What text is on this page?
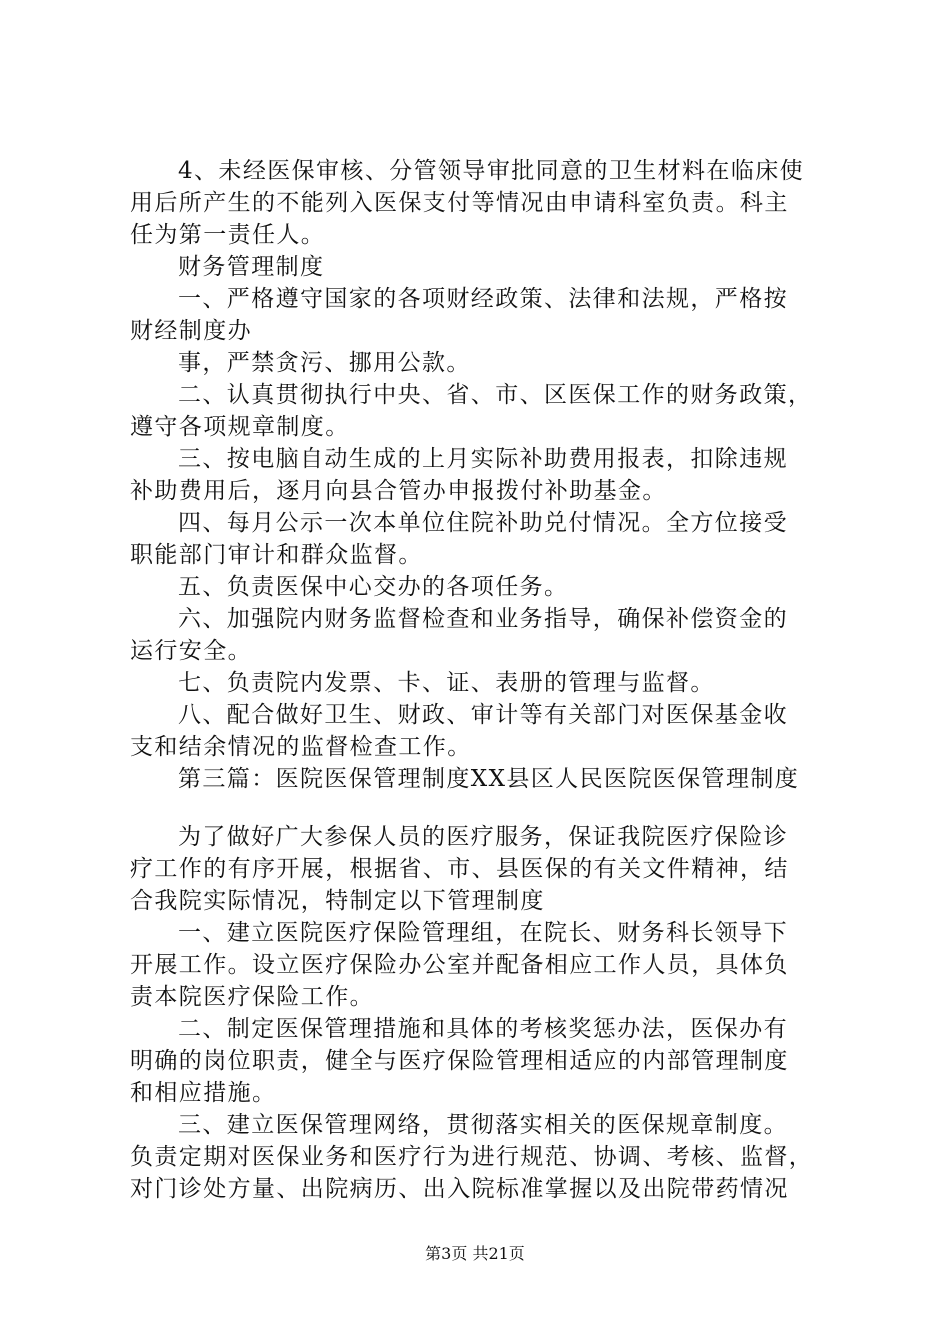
4、未经医保审核、分管领导审批同意的卫生材料在临床使
用后所产生的不能列入医保支付等情况由申请科室负责。科主
任为第一责任人。
财务管理制度
一、严格遵守国家的各项财经政策、法律和法规，严格按
财经制度办
事，严禁贪污、挪用公款。
二、认真贯彻执行中央、省、市、区医保工作的财务政策，
遵守各项规章制度。
三、按电脑自动生成的上月实际补助费用报表，扣除违规
补助费用后，逐月向县合管办申报拨付补助基金。
四、每月公示一次本单位住院补助兑付情况。全方位接受
职能部门审计和群众监督。
五、负责医保中心交办的各项任务。
六、加强院内财务监督检查和业务指导，确保补偿资金的
运行安全。
七、负责院内发票、卡、证、表册的管理与监督。
八、配合做好卫生、财政、审计等有关部门对医保基金收
支和结余情况的监督检查工作。
第三篇：医院医保管理制度XX县区人民医院医保管理制度
为了做好广大参保人员的医疗服务，保证我院医疗保险诊
疗工作的有序开展，根据省、市、县医保的有关文件精神，结
合我院实际情况，特制定以下管理制度
一、建立医院医疗保险管理组，在院长、财务科长领导下
开展工作。设立医疗保险办公室并配备相应工作人员，具体负
责本院医疗保险工作。
二、制定医保管理措施和具体的考核奖惩办法，医保办有
明确的岗位职责，健全与医疗保险管理相适应的内部管理制度
和相应措施。
三、建立医保管理网络，贯彻落实相关的医保规章制度。
负责定期对医保业务和医疗行为进行规范、协调、考核、监督，
对门诊处方量、出院病历、出入院标准掌握以及出院带药情况
第3页 共21页
